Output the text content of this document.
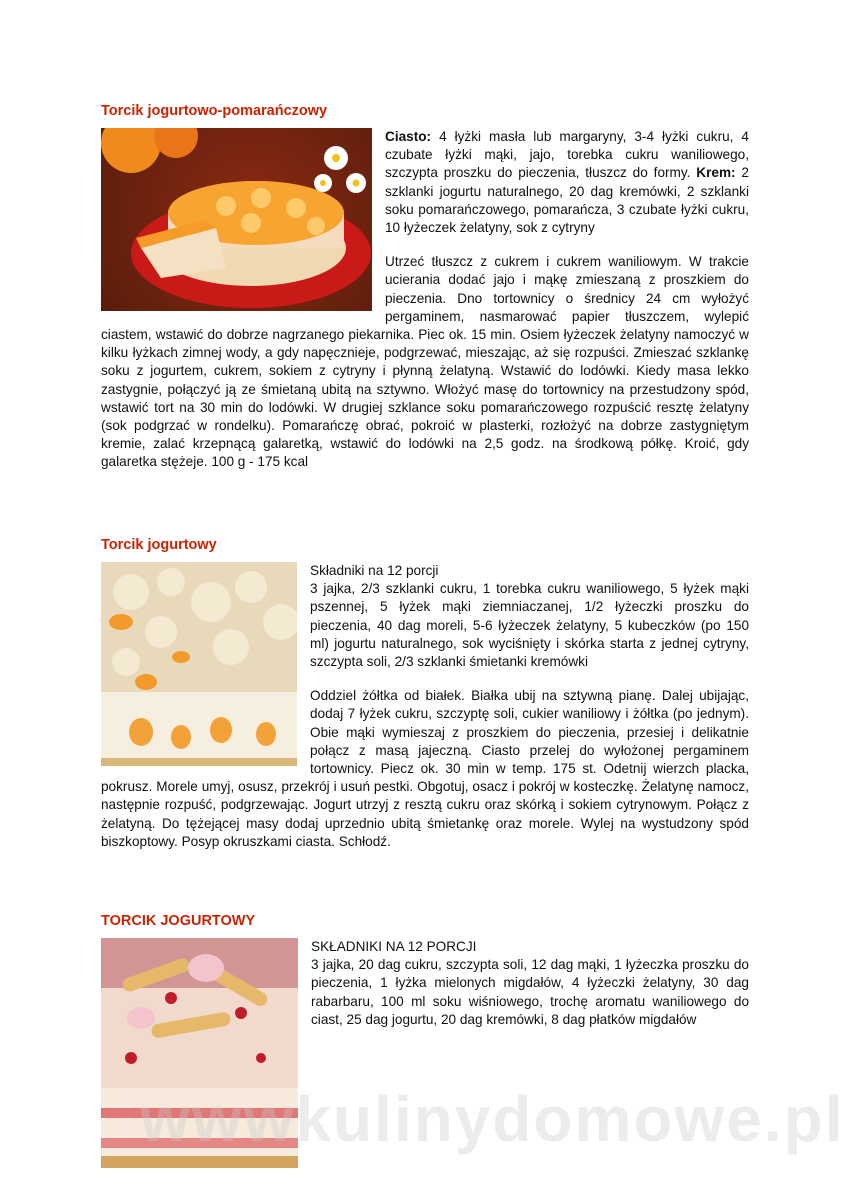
Torcik jogurtowo-pomarańczowy

Ciasto: 4 łyżki masła lub margaryny, 3-4 łyżki cukru, 4 czubate łyżki mąki, jajo, torebka cukru waniliowego, szczypta proszku do pieczenia, tłuszcz do formy. Krem: 2 szklanki jogurtu naturalnego, 20 dag kremówki, 2 szklanki soku pomarańczowego, pomarańcza, 3 czubate łyżki cukru, 10 łyżeczek żelatyny, sok z cytryny

Utrzeć tłuszcz z cukrem i cukrem waniliowym. W trakcie ucierania dodać jajo i mąkę zmieszaną z proszkiem do pieczenia. Dno tortownicy o średnicy 24 cm wyłożyć pergaminem, nasmarować papier tłuszczem, wylepić ciastem, wstawić do dobrze nagrzanego piekarnika. Piec ok. 15 min. Osiem łyżeczek żelatyny namoczyć w kilku łyżkach zimnej wody, a gdy napęcznieje, podgrzewać, mieszając, aż się rozpuści. Zmieszać szklankę soku z jogurtem, cukrem, sokiem z cytryny i płynną żelatyną. Wstawić do lodówki. Kiedy masa lekko zastygnie, połączyć ją ze śmietaną ubitą na sztywno. Włożyć masę do tortownicy na przestudzony spód, wstawić tort na 30 min do lodówki. W drugiej szklance soku pomarańczowego rozpuścić resztę żelatyny (sok podgrzać w rondelku). Pomarańczę obrać, pokroić w plasterki, rozłożyć na dobrze zastygniętym kremie, zalać krzepnącą galaretką, wstawić do lodówki na 2,5 godz. na środkową półkę. Kroić, gdy galaretka stężeje. 100 g - 175 kcal

Torcik jogurtowy

Składniki na 12 porcji

3 jajka, 2/3 szklanki cukru, 1 torebka cukru waniliowego, 5 łyżek mąki pszennej, 5 łyżek mąki ziemniaczanej, 1/2 łyżeczki proszku do pieczenia, 40 dag moreli, 5-6 łyżeczek żelatyny, 5 kubeczków (po 150 ml) jogurtu naturalnego, sok wyciśnięty i skórka starta z jednej cytryny, szczypta soli, 2/3 szklanki śmietanki kremówki

Oddziel żółtka od białek. Białka ubij na sztywną pianę. Dalej ubijając, dodaj 7 łyżek cukru, szczyptę soli, cukier waniliowy i żółtka (po jednym). Obie mąki wymieszaj z proszkiem do pieczenia, przesiej i delikatnie połącz z masą jajeczną. Ciasto przelej do wyłożonej pergaminem tortownicy. Piecz ok. 30 min w temp. 175 st. Odetnij wierzch placka, pokrusz. Morele umyj, osusz, przekrój i usuń pestki. Obgotuj, osacz i pokrój w kosteczkę. Żelatynę namocz, następnie rozpuść, podgrzewając. Jogurt utrzyj z resztą cukru oraz skórką i sokiem cytrynowym. Połącz z żelatyną. Do tężejącej masy dodaj uprzednio ubitą śmietankę oraz morele. Wylej na wystudzony spód biszkoptowy. Posyp okruszkami ciasta. Schłodź.

TORCIK JOGURTOWY

SKŁADNIKI NA 12 PORCJI

3 jajka, 20 dag cukru, szczypta soli, 12 dag mąki, 1 łyżeczka proszku do pieczenia, 1 łyżka mielonych migdałów, 4 łyżeczki żelatyny, 30 dag rabarbaru, 100 ml soku wiśniowego, trochę aromatu waniliowego do ciast, 25 dag jogurtu, 20 dag kremówki, 8 dag płatków migdałów

wwwkulinydomowe.pl
